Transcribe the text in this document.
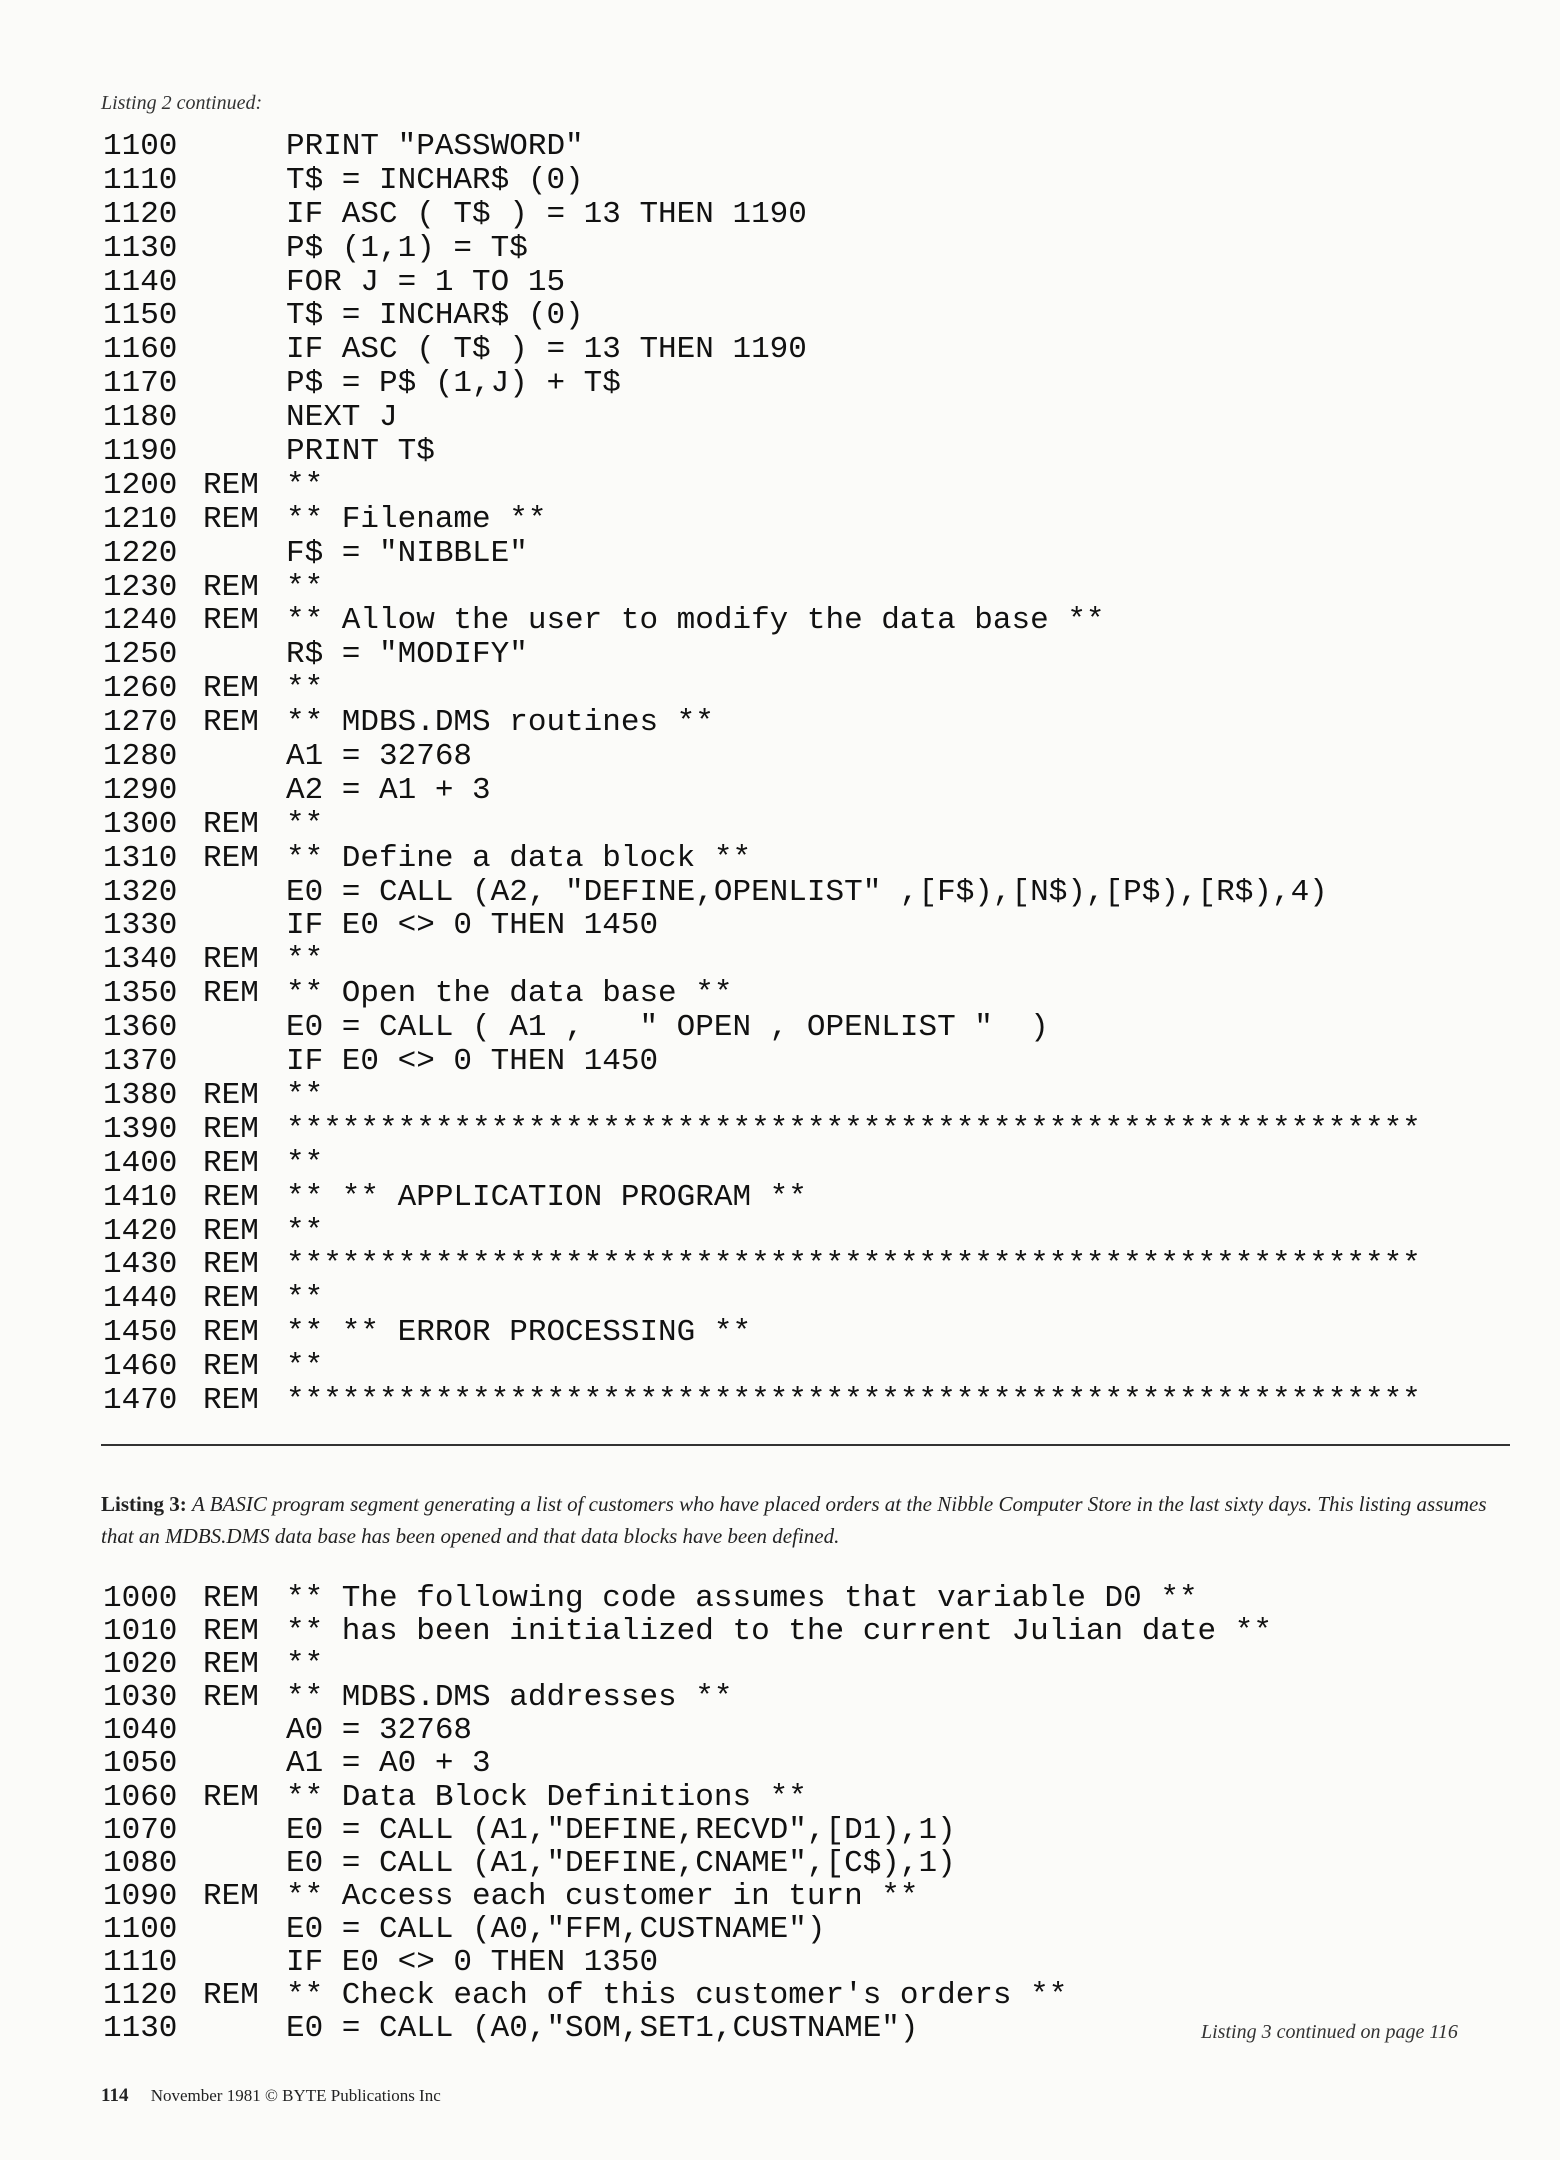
Listing 2 continued:
1100	PRINT "PASSWORD"
1110	T$ = INCHAR$ (0)
1120	IF ASC ( T$ ) = 13 THEN 1190
1130	P$ (1,1) = T$
1140	FOR J = 1 TO 15
1150	T$ = INCHAR$ (0)
1160	IF ASC ( T$ ) = 13 THEN 1190
1170	P$ = P$ (1,J) + T$
1180	NEXT J
1190	PRINT T$
1200 REM **
1210 REM ** Filename **
1220	F$ = "NIBBLE"
1230 REM **
1240 REM ** Allow the user to modify the data base **
1250	R$ = "MODIFY"
1260 REM **
1270 REM ** MDBS.DMS routines **
1280	A1 = 32768
1290	A2 = A1 + 3
1300 REM **
1310 REM ** Define a data block **
1320	E0 = CALL (A2, "DEFINE,OPENLIST" ,[F$),[N$),[P$),[R$),4)
1330	IF E0 <> 0 THEN 1450
1340 REM **
1350 REM ** Open the data base **
1360	E0 = CALL ( A1 ,   " OPEN , OPENLIST "  )
1370	IF E0 <> 0 THEN 1450
1380 REM **
1390 REM *************************************************************
1400 REM **
1410 REM ** ** APPLICATION PROGRAM **
1420 REM **
1430 REM *************************************************************
1440 REM **
1450 REM ** ** ERROR PROCESSING **
1460 REM **
1470 REM *************************************************************
Listing 3: A BASIC program segment generating a list of customers who have placed orders at the Nibble Computer Store in the last sixty days. This listing assumes that an MDBS.DMS data base has been opened and that data blocks have been defined.
1000 REM ** The following code assumes that variable D0 **
1010 REM ** has been initialized to the current Julian date **
1020 REM **
1030 REM ** MDBS.DMS addresses **
1040	A0 = 32768
1050	A1 = A0 + 3
1060 REM ** Data Block Definitions **
1070	E0 = CALL (A1,"DEFINE,RECVD",[D1),1)
1080	E0 = CALL (A1,"DEFINE,CNAME",[C$),1)
1090 REM ** Access each customer in turn **
1100	E0 = CALL (A0,"FFM,CUSTNAME")
1110	IF E0 <> 0 THEN 1350
1120 REM ** Check each of this customer's orders **
1130	E0 = CALL (A0,"SOM,SET1,CUSTNAME")	Listing 3 continued on page 116
114 November 1981 © BYTE Publications Inc
